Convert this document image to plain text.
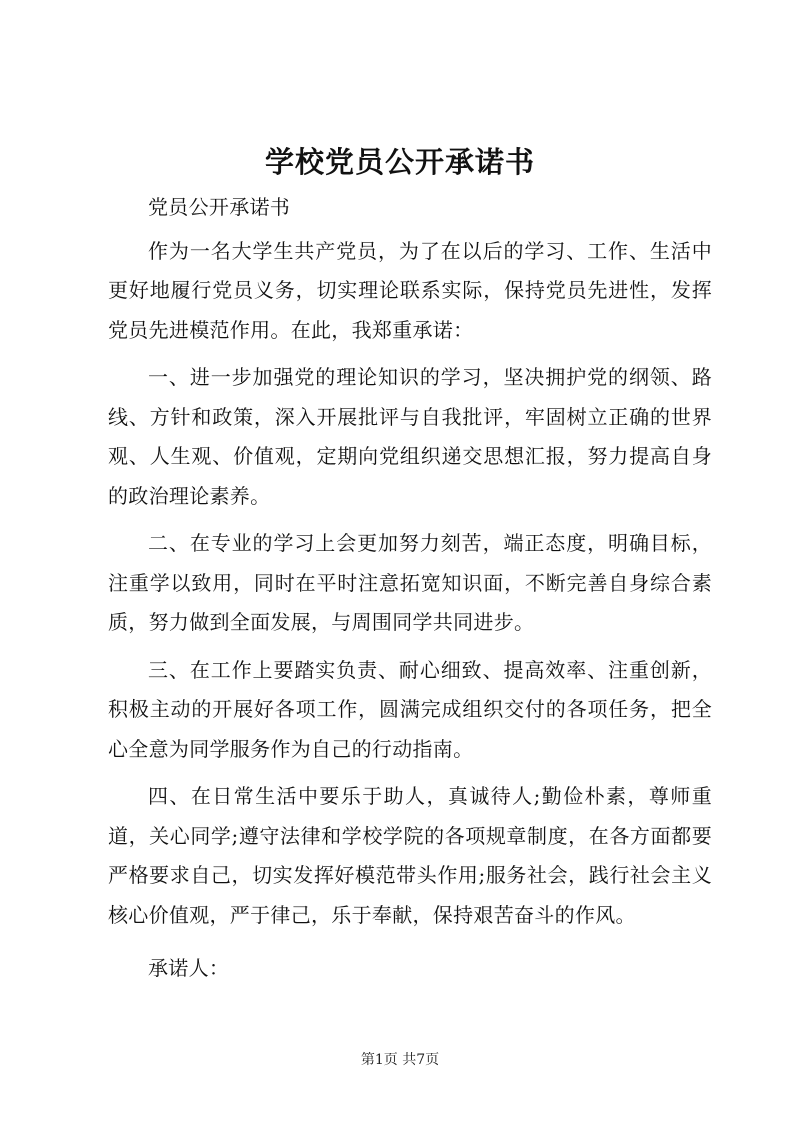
学校党员公开承诺书

党员公开承诺书

作为一名大学生共产党员，为了在以后的学习、工作、生活中更好地履行党员义务，切实理论联系实际，保持党员先进性，发挥党员先进模范作用。在此，我郑重承诺：

一、进一步加强党的理论知识的学习，坚决拥护党的纲领、路线、方针和政策，深入开展批评与自我批评，牢固树立正确的世界观、人生观、价值观，定期向党组织递交思想汇报，努力提高自身的政治理论素养。

二、在专业的学习上会更加努力刻苦，端正态度，明确目标，注重学以致用，同时在平时注意拓宽知识面，不断完善自身综合素质，努力做到全面发展，与周围同学共同进步。

三、在工作上要踏实负责、耐心细致、提高效率、注重创新，积极主动的开展好各项工作，圆满完成组织交付的各项任务，把全心全意为同学服务作为自己的行动指南。

四、在日常生活中要乐于助人，真诚待人;勤俭朴素，尊师重道，关心同学;遵守法律和学校学院的各项规章制度，在各方面都要严格要求自己，切实发挥好模范带头作用;服务社会，践行社会主义核心价值观，严于律己，乐于奉献，保持艰苦奋斗的作风。

承诺人：

第1页 共7页
